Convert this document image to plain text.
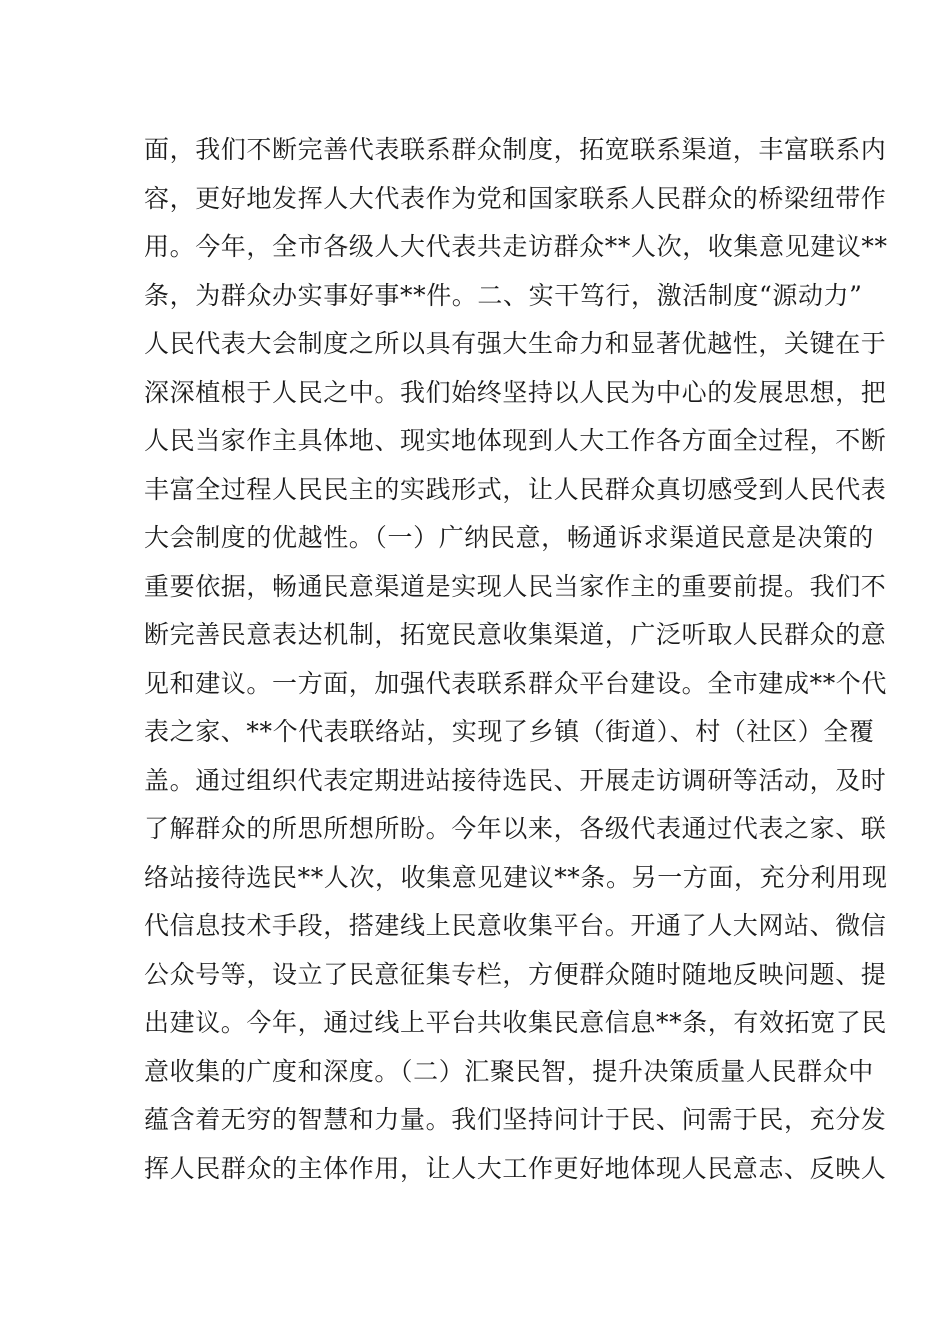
面，我们不断完善代表联系群众制度，拓宽联系渠道，丰富联系内
容，更好地发挥人大代表作为党和国家联系人民群众的桥梁纽带作
用。今年，全市各级人大代表共走访群众**人次，收集意见建议**
条，为群众办实事好事**件。二、实干笃行，激活制度“源动力”
人民代表大会制度之所以具有强大生命力和显著优越性，关键在于
深深植根于人民之中。我们始终坚持以人民为中心的发展思想，把
人民当家作主具体地、现实地体现到人大工作各方面全过程，不断
丰富全过程人民民主的实践形式，让人民群众真切感受到人民代表
大会制度的优越性。（一）广纳民意，畅通诉求渠道民意是决策的
重要依据，畅通民意渠道是实现人民当家作主的重要前提。我们不
断完善民意表达机制，拓宽民意收集渠道，广泛听取人民群众的意
见和建议。一方面，加强代表联系群众平台建设。全市建成**个代
表之家、**个代表联络站，实现了乡镇（街道）、村（社区）全覆
盖。通过组织代表定期进站接待选民、开展走访调研等活动，及时
了解群众的所思所想所盼。今年以来，各级代表通过代表之家、联
络站接待选民**人次，收集意见建议**条。另一方面，充分利用现
代信息技术手段，搭建线上民意收集平台。开通了人大网站、微信
公众号等，设立了民意征集专栏，方便群众随时随地反映问题、提
出建议。今年，通过线上平台共收集民意信息**条，有效拓宽了民
意收集的广度和深度。（二）汇聚民智，提升决策质量人民群众中
蕴含着无穷的智慧和力量。我们坚持问计于民、问需于民，充分发
挥人民群众的主体作用，让人大工作更好地体现人民意志、反映人
